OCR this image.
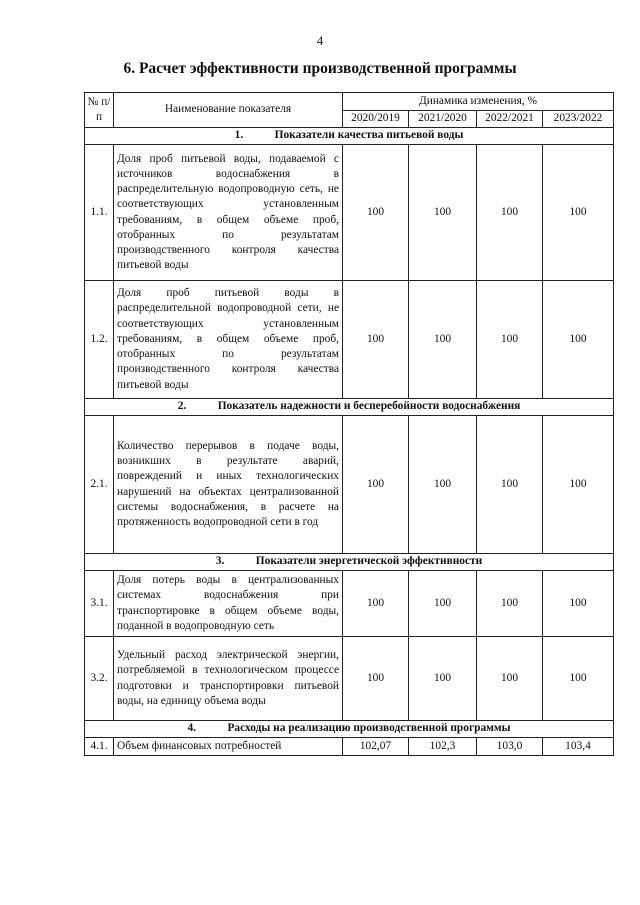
4
6. Расчет эффективности производственной программы
№ п/п	Наименование показателя	Динамика изменения, %			
		2020/2019	2021/2020	2022/2021	2023/2022
1. Показатели качества питьевой воды					
1.1.	Доля проб питьевой воды, подаваемой с источников водоснабжения в распределительную водопроводную сеть, не соответствующих установленным требованиям, в общем объеме проб, отобранных по результатам производственного контроля качества питьевой воды	100	100	100	100
1.2.	Доля проб питьевой воды в распределительной водопроводной сети, не соответствующих установленным требованиям, в общем объеме проб, отобранных по результатам производственного контроля качества питьевой воды	100	100	100	100
2. Показатель надежности и бесперебойности водоснабжения					
2.1.	Количество перерывов в подаче воды, возникших в результате аварий, повреждений и иных технологических нарушений на объектах централизованной системы водоснабжения, в расчете на протяженность водопроводной сети в год	100	100	100	100
3. Показатели энергетической эффективности					
3.1.	Доля потерь воды в централизованных системах водоснабжения при транспортировке в общем объеме воды, поданной в водопроводную сеть	100	100	100	100
3.2.	Удельный расход электрической энергии, потребляемой в технологическом процессе подготовки и транспортировки питьевой воды, на единицу объема воды	100	100	100	100
4. Расходы на реализацию производственной программы					
4.1.	Объем финансовых потребностей	102,07	102,3	103,0	103,4
